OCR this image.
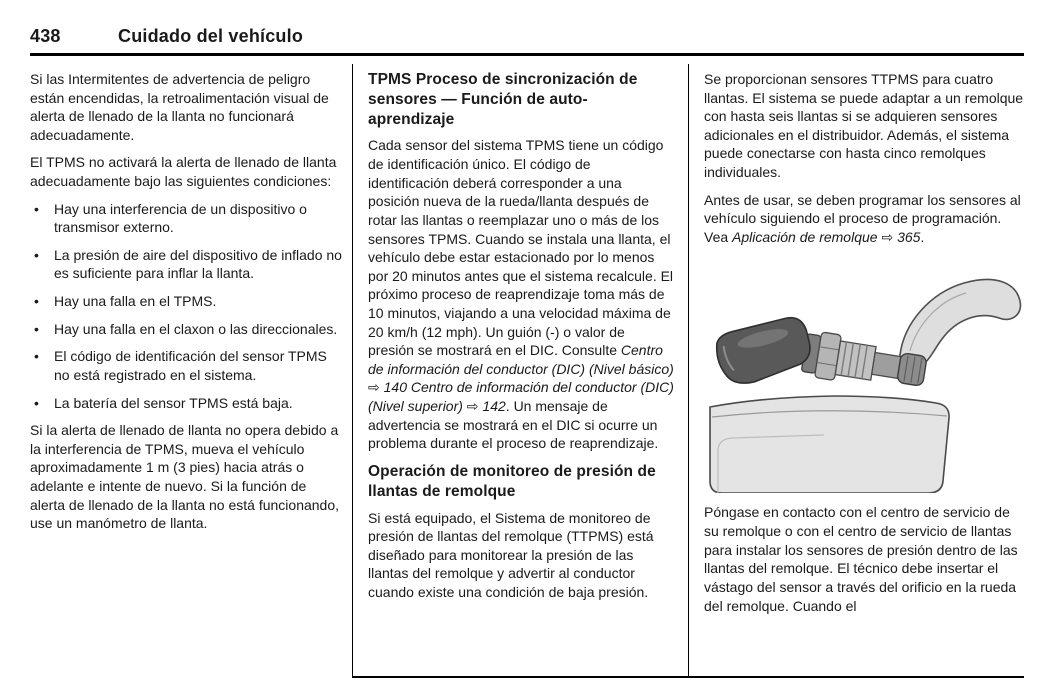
438	Cuidado del vehículo

Si las Intermitentes de advertencia de peligro están encendidas, la retroalimentación visual de alerta de llenado de la llanta no funcionará adecuadamente.

El TPMS no activará la alerta de llenado de llanta adecuadamente bajo las siguientes condiciones:

•	Hay una interferencia de un dispositivo o transmisor externo.
•	La presión de aire del dispositivo de inflado no es suficiente para inflar la llanta.
•	Hay una falla en el TPMS.
•	Hay una falla en el claxon o las direccionales.
•	El código de identificación del sensor TPMS no está registrado en el sistema.
•	La batería del sensor TPMS está baja.

Si la alerta de llenado de llanta no opera debido a la interferencia de TPMS, mueva el vehículo aproximadamente 1 m (3 pies) hacia atrás o adelante e intente de nuevo. Si la función de alerta de llenado de la llanta no está funcionando, use un manómetro de llanta.

TPMS Proceso de sincronización de sensores — Función de auto-aprendizaje

Cada sensor del sistema TPMS tiene un código de identificación único. El código de identificación deberá corresponder a una posición nueva de la rueda/llanta después de rotar las llantas o reemplazar uno o más de los sensores TPMS. Cuando se instala una llanta, el vehículo debe estar estacionado por lo menos por 20 minutos antes que el sistema recalcule. El próximo proceso de reaprendizaje toma más de 10 minutos, viajando a una velocidad máxima de 20 km/h (12 mph). Un guión (-) o valor de presión se mostrará en el DIC. Consulte Centro de información del conductor (DIC) (Nivel básico) ⇨ 140 Centro de información del conductor (DIC) (Nivel superior) ⇨ 142. Un mensaje de advertencia se mostrará en el DIC si ocurre un problema durante el proceso de reaprendizaje.

Operación de monitoreo de presión de llantas de remolque

Si está equipado, el Sistema de monitoreo de presión de llantas del remolque (TTPMS) está diseñado para monitorear la presión de las llantas del remolque y advertir al conductor cuando existe una condición de baja presión.

Se proporcionan sensores TTPMS para cuatro llantas. El sistema se puede adaptar a un remolque con hasta seis llantas si se adquieren sensores adicionales en el distribuidor. Además, el sistema puede conectarse con hasta cinco remolques individuales.

Antes de usar, se deben programar los sensores al vehículo siguiendo el proceso de programación. Vea Aplicación de remolque ⇨ 365.

Póngase en contacto con el centro de servicio de su remolque o con el centro de servicio de llantas para instalar los sensores de presión dentro de las llantas del remolque. El técnico debe insertar el vástago del sensor a través del orificio en la rueda del remolque. Cuando el
